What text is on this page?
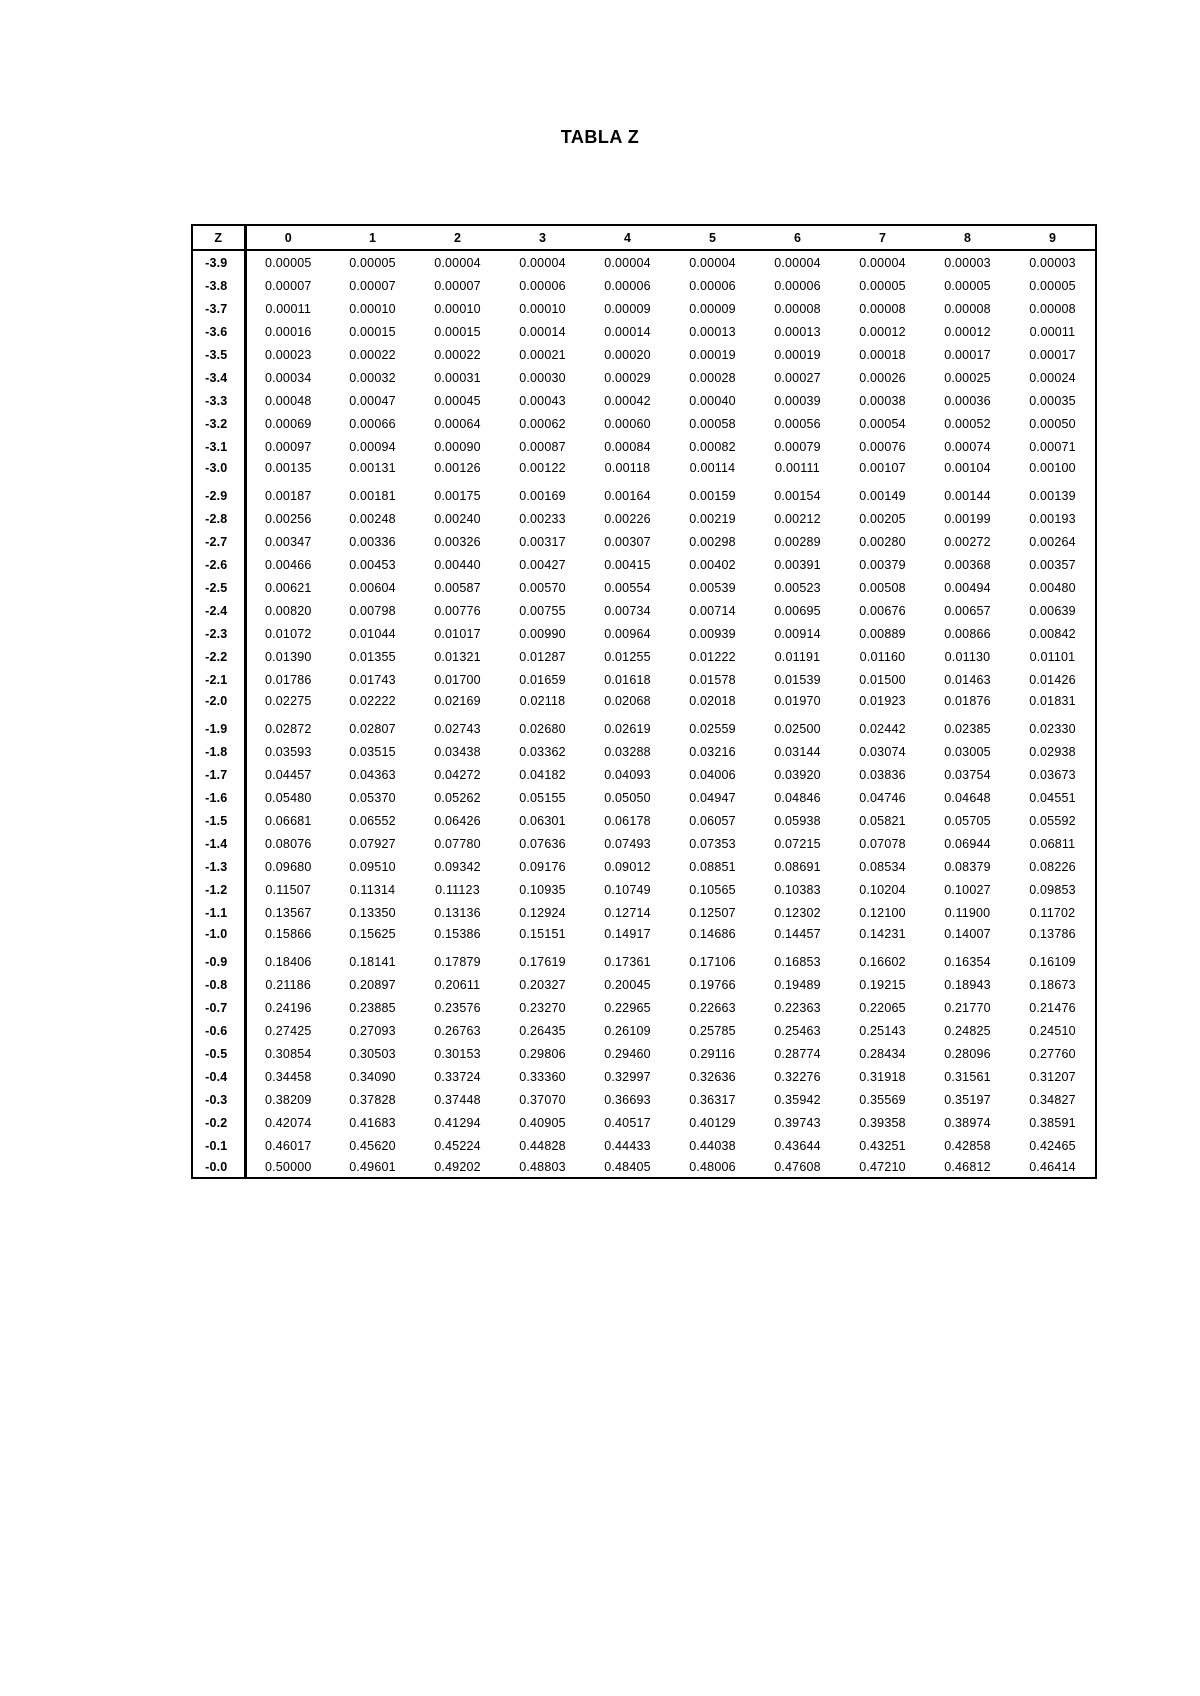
TABLA Z
Z	0	1	2	3	4	5	6	7	8	9
-3.9	0.00005	0.00005	0.00004	0.00004	0.00004	0.00004	0.00004	0.00004	0.00003	0.00003
-3.8	0.00007	0.00007	0.00007	0.00006	0.00006	0.00006	0.00006	0.00005	0.00005	0.00005
-3.7	0.00011	0.00010	0.00010	0.00010	0.00009	0.00009	0.00008	0.00008	0.00008	0.00008
-3.6	0.00016	0.00015	0.00015	0.00014	0.00014	0.00013	0.00013	0.00012	0.00012	0.00011
-3.5	0.00023	0.00022	0.00022	0.00021	0.00020	0.00019	0.00019	0.00018	0.00017	0.00017
-3.4	0.00034	0.00032	0.00031	0.00030	0.00029	0.00028	0.00027	0.00026	0.00025	0.00024
-3.3	0.00048	0.00047	0.00045	0.00043	0.00042	0.00040	0.00039	0.00038	0.00036	0.00035
-3.2	0.00069	0.00066	0.00064	0.00062	0.00060	0.00058	0.00056	0.00054	0.00052	0.00050
-3.1	0.00097	0.00094	0.00090	0.00087	0.00084	0.00082	0.00079	0.00076	0.00074	0.00071
-3.0	0.00135	0.00131	0.00126	0.00122	0.00118	0.00114	0.00111	0.00107	0.00104	0.00100
-2.9	0.00187	0.00181	0.00175	0.00169	0.00164	0.00159	0.00154	0.00149	0.00144	0.00139
-2.8	0.00256	0.00248	0.00240	0.00233	0.00226	0.00219	0.00212	0.00205	0.00199	0.00193
-2.7	0.00347	0.00336	0.00326	0.00317	0.00307	0.00298	0.00289	0.00280	0.00272	0.00264
-2.6	0.00466	0.00453	0.00440	0.00427	0.00415	0.00402	0.00391	0.00379	0.00368	0.00357
-2.5	0.00621	0.00604	0.00587	0.00570	0.00554	0.00539	0.00523	0.00508	0.00494	0.00480
-2.4	0.00820	0.00798	0.00776	0.00755	0.00734	0.00714	0.00695	0.00676	0.00657	0.00639
-2.3	0.01072	0.01044	0.01017	0.00990	0.00964	0.00939	0.00914	0.00889	0.00866	0.00842
-2.2	0.01390	0.01355	0.01321	0.01287	0.01255	0.01222	0.01191	0.01160	0.01130	0.01101
-2.1	0.01786	0.01743	0.01700	0.01659	0.01618	0.01578	0.01539	0.01500	0.01463	0.01426
-2.0	0.02275	0.02222	0.02169	0.02118	0.02068	0.02018	0.01970	0.01923	0.01876	0.01831
-1.9	0.02872	0.02807	0.02743	0.02680	0.02619	0.02559	0.02500	0.02442	0.02385	0.02330
-1.8	0.03593	0.03515	0.03438	0.03362	0.03288	0.03216	0.03144	0.03074	0.03005	0.02938
-1.7	0.04457	0.04363	0.04272	0.04182	0.04093	0.04006	0.03920	0.03836	0.03754	0.03673
-1.6	0.05480	0.05370	0.05262	0.05155	0.05050	0.04947	0.04846	0.04746	0.04648	0.04551
-1.5	0.06681	0.06552	0.06426	0.06301	0.06178	0.06057	0.05938	0.05821	0.05705	0.05592
-1.4	0.08076	0.07927	0.07780	0.07636	0.07493	0.07353	0.07215	0.07078	0.06944	0.06811
-1.3	0.09680	0.09510	0.09342	0.09176	0.09012	0.08851	0.08691	0.08534	0.08379	0.08226
-1.2	0.11507	0.11314	0.11123	0.10935	0.10749	0.10565	0.10383	0.10204	0.10027	0.09853
-1.1	0.13567	0.13350	0.13136	0.12924	0.12714	0.12507	0.12302	0.12100	0.11900	0.11702
-1.0	0.15866	0.15625	0.15386	0.15151	0.14917	0.14686	0.14457	0.14231	0.14007	0.13786
-0.9	0.18406	0.18141	0.17879	0.17619	0.17361	0.17106	0.16853	0.16602	0.16354	0.16109
-0.8	0.21186	0.20897	0.20611	0.20327	0.20045	0.19766	0.19489	0.19215	0.18943	0.18673
-0.7	0.24196	0.23885	0.23576	0.23270	0.22965	0.22663	0.22363	0.22065	0.21770	0.21476
-0.6	0.27425	0.27093	0.26763	0.26435	0.26109	0.25785	0.25463	0.25143	0.24825	0.24510
-0.5	0.30854	0.30503	0.30153	0.29806	0.29460	0.29116	0.28774	0.28434	0.28096	0.27760
-0.4	0.34458	0.34090	0.33724	0.33360	0.32997	0.32636	0.32276	0.31918	0.31561	0.31207
-0.3	0.38209	0.37828	0.37448	0.37070	0.36693	0.36317	0.35942	0.35569	0.35197	0.34827
-0.2	0.42074	0.41683	0.41294	0.40905	0.40517	0.40129	0.39743	0.39358	0.38974	0.38591
-0.1	0.46017	0.45620	0.45224	0.44828	0.44433	0.44038	0.43644	0.43251	0.42858	0.42465
-0.0	0.50000	0.49601	0.49202	0.48803	0.48405	0.48006	0.47608	0.47210	0.46812	0.46414
